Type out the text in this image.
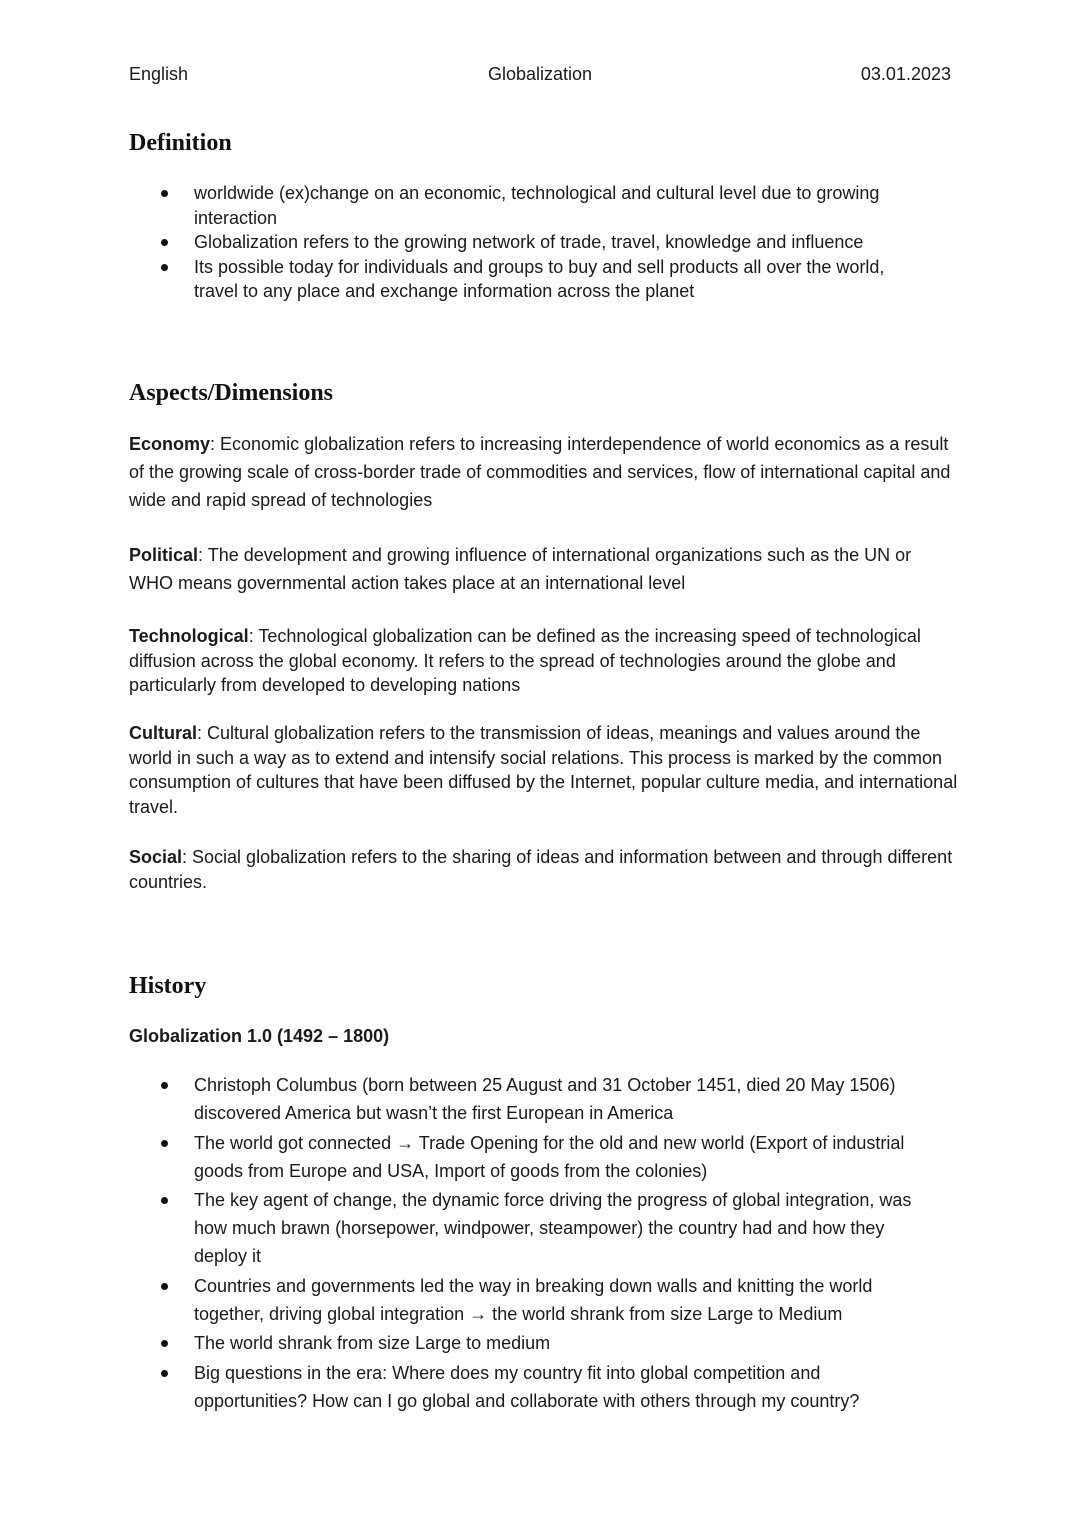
English	Globalization	03.01.2023
Definition
worldwide (ex)change on an economic, technological and cultural level due to growing interaction
Globalization refers to the growing network of trade, travel, knowledge and influence
Its possible today for individuals and groups to buy and sell products all over the world, travel to any place and exchange information across the planet
Aspects/Dimensions

Economy: Economic globalization refers to increasing interdependence of world economics as a result of the growing scale of cross-border trade of commodities and services, flow of international capital and wide and rapid spread of technologies

Political: The development and growing influence of international organizations such as the UN or WHO means governmental action takes place at an international level

Technological: Technological globalization can be defined as the increasing speed of technological diffusion across the global economy. It refers to the spread of technologies around the globe and particularly from developed to developing nations

Cultural: Cultural globalization refers to the transmission of ideas, meanings and values around the world in such a way as to extend and intensify social relations. This process is marked by the common consumption of cultures that have been diffused by the Internet, popular culture media, and international travel.

Social: Social globalization refers to the sharing of ideas and information between and through different countries.

History

Globalization 1.0 (1492 – 1800)

Christoph Columbus (born between 25 August and 31 October 1451, died 20 May 1506) discovered America but wasn’t the first European in America
The world got connected → Trade Opening for the old and new world (Export of industrial goods from Europe and USA, Import of goods from the colonies)
The key agent of change, the dynamic force driving the progress of global integration, was how much brawn (horsepower, windpower, steampower) the country had and how they deploy it
Countries and governments led the way in breaking down walls and knitting the world together, driving global integration → the world shrank from size Large to Medium
The world shrank from size Large to medium
Big questions in the era: Where does my country fit into global competition and opportunities? How can I go global and collaborate with others through my country?
